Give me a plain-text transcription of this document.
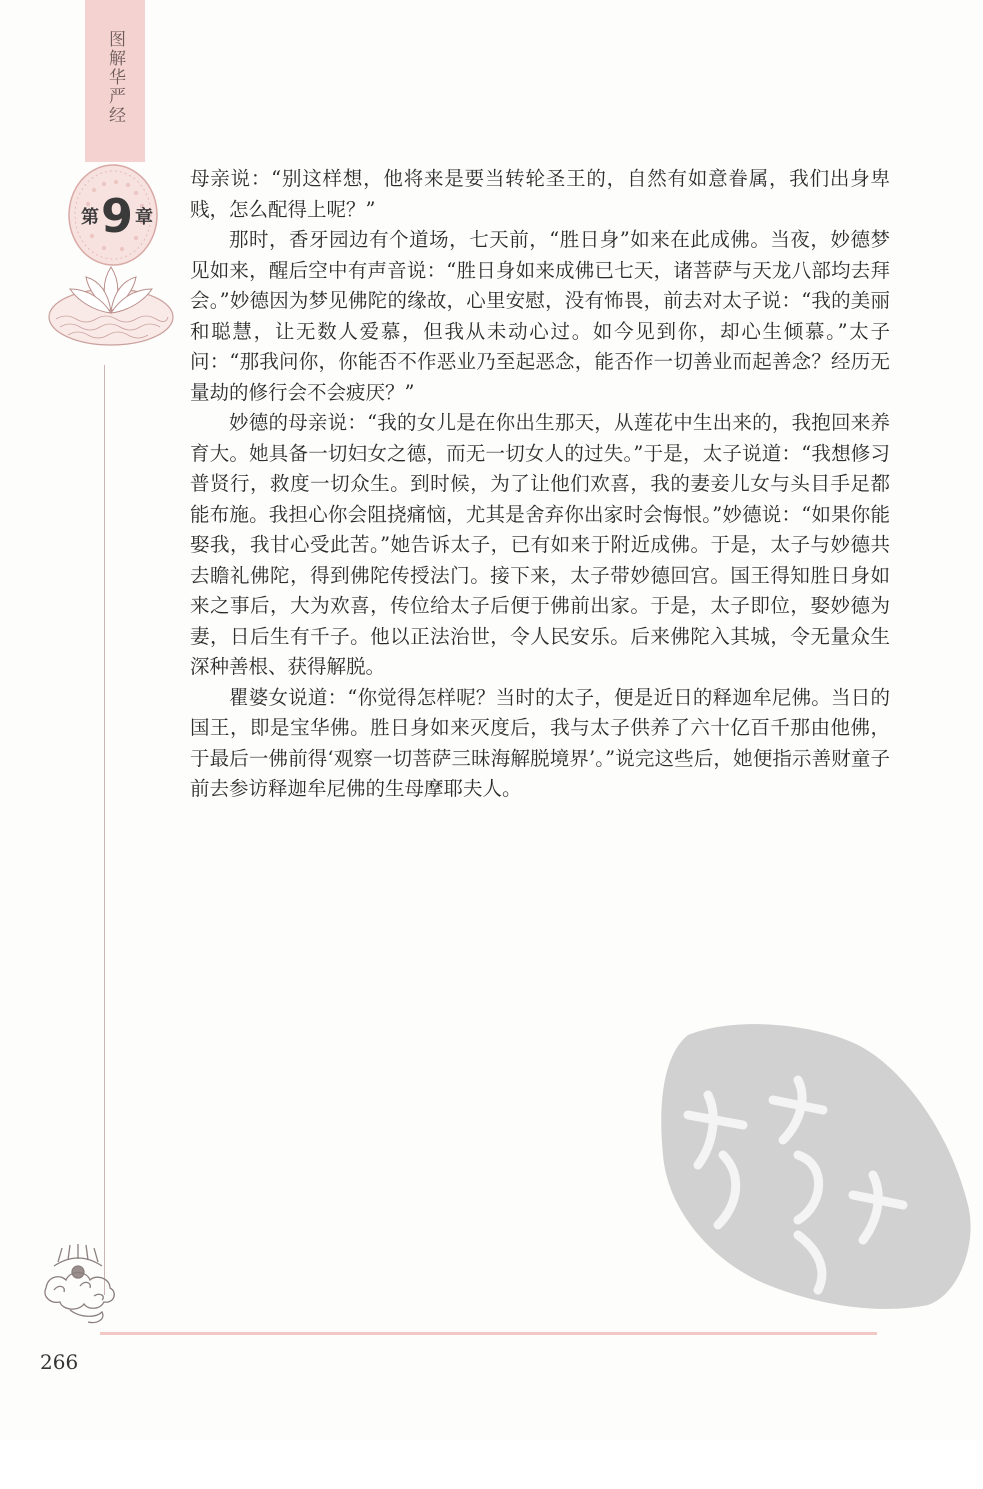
图解华严经
第 9 章

母亲说：“别这样想，他将来是要当转轮圣王的，自然有如意眷属，我们出身卑贱，怎么配得上呢？”

那时，香牙园边有个道场，七天前，“胜日身”如来在此成佛。当夜，妙德梦见如来，醒后空中有声音说：“胜日身如来成佛已七天，诸菩萨与天龙八部均去拜会。”妙德因为梦见佛陀的缘故，心里安慰，没有怖畏，前去对太子说：“我的美丽和聪慧，让无数人爱慕，但我从未动心过。如今见到你，却心生倾慕。”太子问：“那我问你，你能否不作恶业乃至起恶念，能否作一切善业而起善念？经历无量劫的修行会不会疲厌？”

妙德的母亲说：“我的女儿是在你出生那天，从莲花中生出来的，我抱回来养育大。她具备一切妇女之德，而无一切女人的过失。”于是，太子说道：“我想修习普贤行，救度一切众生。到时候，为了让他们欢喜，我的妻妾儿女与头目手足都能布施。我担心你会阻挠痛恼，尤其是舍弃你出家时会悔恨。”妙德说：“如果你能娶我，我甘心受此苦。”她告诉太子，已有如来于附近成佛。于是，太子与妙德共去瞻礼佛陀，得到佛陀传授法门。接下来，太子带妙德回宫。国王得知胜日身如来之事后，大为欢喜，传位给太子后便于佛前出家。于是，太子即位，娶妙德为妻，日后生有千子。他以正法治世，令人民安乐。后来佛陀入其城，令无量众生深种善根、获得解脱。

瞿婆女说道：“你觉得怎样呢？当时的太子，便是近日的释迦牟尼佛。当日的国王，即是宝华佛。胜日身如来灭度后，我与太子供养了六十亿百千那由他佛，于最后一佛前得‘观察一切菩萨三昧海解脱境界’。”说完这些后，她便指示善财童子前去参访释迦牟尼佛的生母摩耶夫人。

266
